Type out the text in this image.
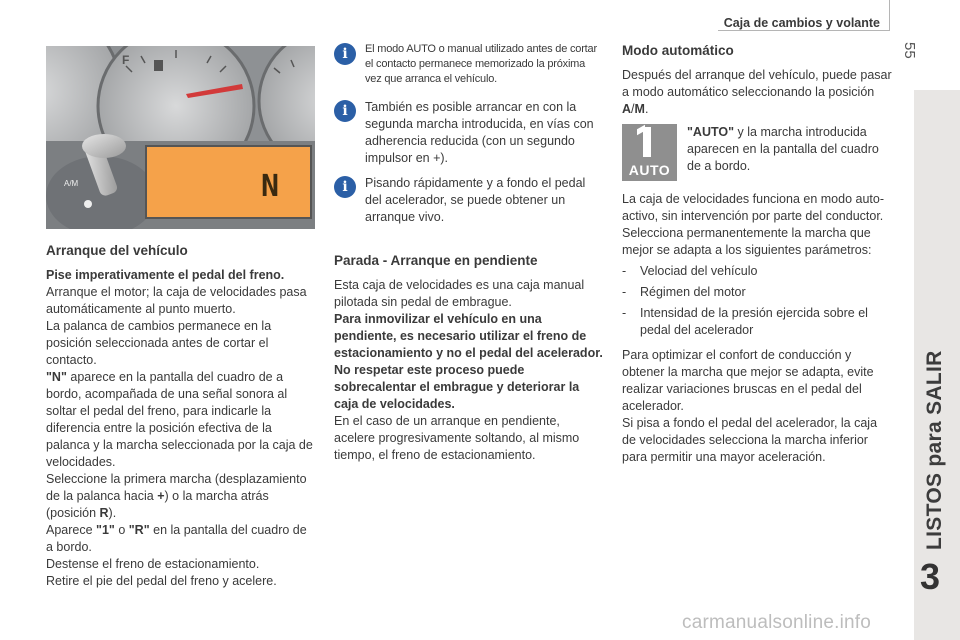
Caja de cambios y volante
55
LISTOS para SALIR
3
F
A/M	N

Arranque del vehículo

Pise imperativamente el pedal del freno.

Arranque el motor; la caja de velocidades pasa automáticamente al punto muerto.

La palanca de cambios permanece en la posición seleccionada antes de cortar el contacto.

"N" aparece en la pantalla del cuadro de a bordo, acompañada de una señal sonora al soltar el pedal del freno, para indicarle la diferencia entre la posición efectiva de la palanca y la marcha seleccionada por la caja de velocidades.

Seleccione la primera marcha (desplazamiento de la palanca hacia +) o la marcha atrás (posición R).

Aparece "1" o "R" en la pantalla del cuadro de a bordo.

Destense el freno de estacionamiento.

Retire el pie del pedal del freno y acelere.

i	El modo AUTO o manual utilizado antes de cortar el contacto permanece memorizado la próxima vez que arranca el vehículo.
i	También es posible arrancar en con la segunda marcha introducida, en vías con adherencia reducida (con un segundo impulsor en +).
i	Pisando rápidamente y a fondo el pedal del acelerador, se puede obtener un arranque vivo.

Parada - Arranque en pendiente

Esta caja de velocidades es una caja manual pilotada sin pedal de embrague.

Para inmovilizar el vehículo en una pendiente, es necesario utilizar el freno de estacionamiento y no el pedal del acelerador. No respetar este proceso puede sobrecalentar el embrague y deteriorar la caja de velocidades.

En el caso de un arranque en pendiente, acelere progresivamente soltando, al mismo tiempo, el freno de estacionamiento.

Modo automático

Después del arranque del vehículo, puede pasar a modo automático seleccionando la posición A/M.

AUTO

"AUTO" y la marcha introducida aparecen en la pantalla del cuadro de a bordo.

La caja de velocidades funciona en modo auto-activo, sin intervención por parte del conductor.

Selecciona permanentemente la marcha que mejor se adapta a los siguientes parámetros:

-	Velociad del vehículo
-	Régimen del motor
-	Intensidad de la presión ejercida sobre el pedal del acelerador

Para optimizar el confort de conducción y obtener la marcha que mejor se adapta, evite realizar variaciones bruscas en el pedal del acelerador.

Si pisa a fondo el pedal del acelerador, la caja de velocidades selecciona la marcha inferior para permitir una mayor aceleración.

carmanualsonline.info
